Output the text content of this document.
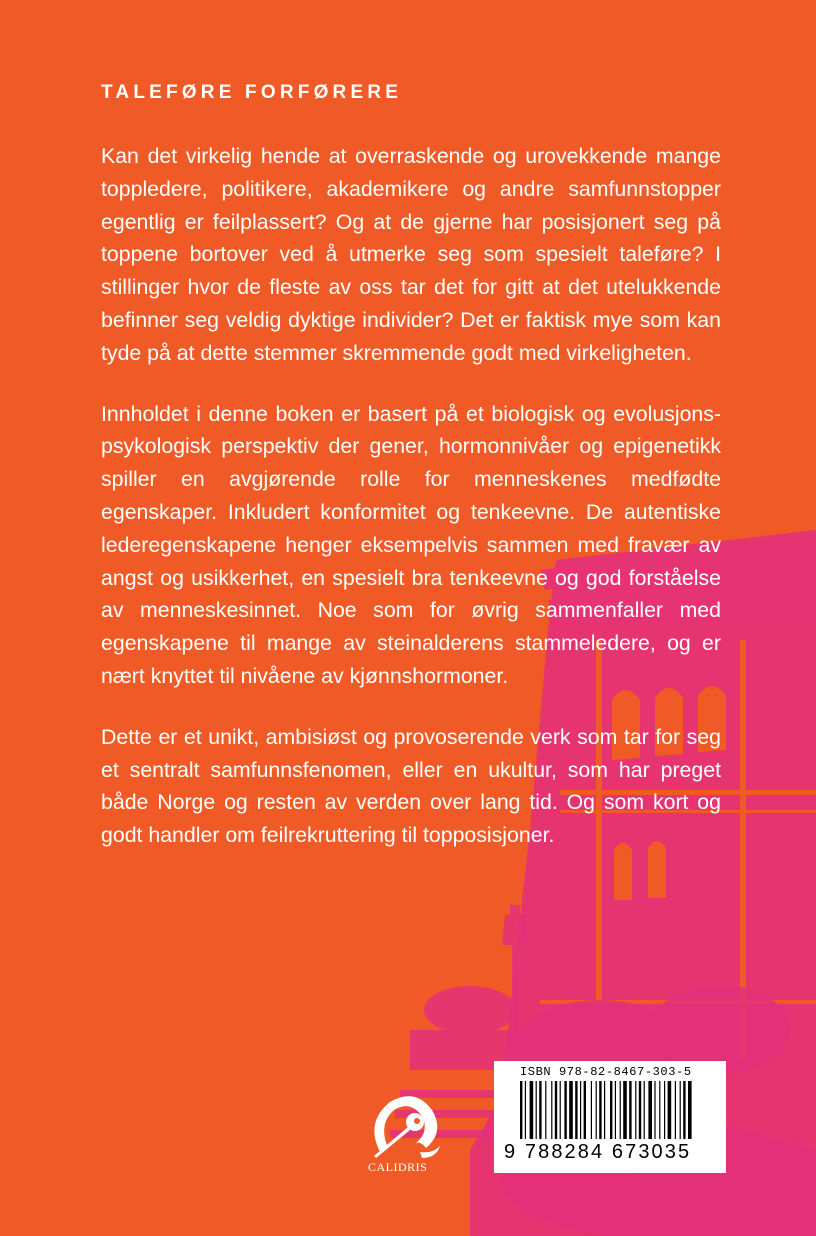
TALEFØRE FORFØRERE

Kan det virkelig hende at overraskende og urovekkende mange toppledere, politikere, akademikere og andre samfunnstopper egentlig er feilplassert? Og at de gjerne har posisjonert seg på toppene bortover ved å utmerke seg som spesielt taleføre? I stillinger hvor de fleste av oss tar det for gitt at det utelukkende befinner seg veldig dyktige individer? Det er faktisk mye som kan tyde på at dette stemmer skremmende godt med virkeligheten.

Innholdet i denne boken er basert på et biologisk og evolusjons-psykologisk perspektiv der gener, hormonnivåer og epigenetikk spiller en avgjørende rolle for menneskenes medfødte egenskaper. Inkludert konformitet og tenkeevne. De autentiske lederegenskapene henger eksempelvis sammen med fravær av angst og usikkerhet, en spesielt bra tenkeevne og god forståelse av menneskesinnet. Noe som for øvrig sammenfaller med egenskapene til mange av steinalderens stammeledere, og er nært knyttet til nivåene av kjønnshormoner.

Dette er et unikt, ambisiøst og provoserende verk som tar for seg et sentralt samfunnsfenomen, eller en ukultur, som har preget både Norge og resten av verden over lang tid. Og som kort og godt handler om feilrekruttering til topposisjoner.

CALIDRIS
ISBN 978-82-8467-303-5
9 788284 673035
